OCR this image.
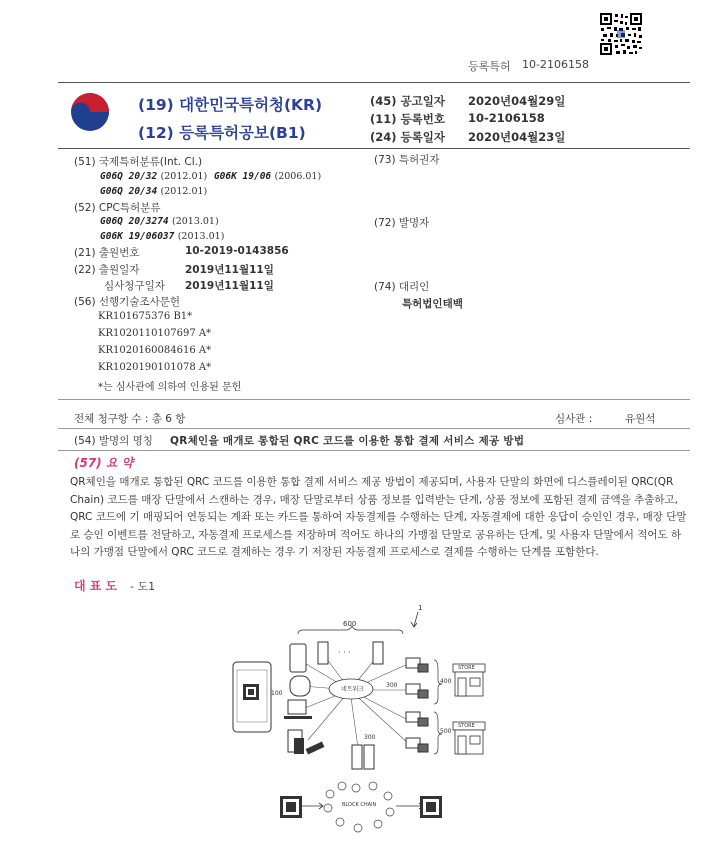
등록특허 10-2106158
(19) 대한민국특허청(KR)
(12) 등록특허공보(B1)
(45) 공고일자 2020년04월29일
(11) 등록번호 10-2106158
(24) 등록일자 2020년04월23일
(51) 국제특허분류(Int. Cl.)
G06Q 20/32 (2012.01) G06K 19/06 (2006.01)
G06Q 20/34 (2012.01)
(52) CPC특허분류
G06Q 20/3274 (2013.01)
G06K 19/06037 (2013.01)
(21) 출원번호	10-2019-0143856
(22) 출원일자	2019년11월11일
심사청구일자 2019년11월11일
(56) 선행기술조사문헌
KR101675376 B1*
KR1020110107697 A*
KR1020160084616 A*
KR1020190101078 A*
*는 심사관에 의하여 인용된 문헌
(73) 특허권자
(72) 발명자
(74) 대리인
특허법인태백
전체 청구항 수 : 총 6 항	심사관 :	유원석
(54) 발명의 명칭 QR체인을 매개로 통합된 QRC 코드를 이용한 통합 결제 서비스 제공 방법
(57) 요 약
QR체인을 매개로 통합된 QRC 코드를 이용한 통합 결제 서비스 제공 방법이 제공되며, 사용자 단말의 화면에 디스플레이된 QRC(QR Chain) 코드를 매장 단말에서 스캔하는 경우, 매장 단말로부터 상품 정보를 입력받는 단계, 상품 정보에 포함된 결제 금액을 추출하고, QRC 코드에 기 매핑되어 연동되는 계좌 또는 카드를 통하여 자동결제를 수행하는 단계, 자동결제에 대한 응답이 승인인 경우, 매장 단말로 승인 이벤트를 전달하고, 자동결제 프로세스를 저장하며 적어도 하나의 가맹점 단말로 공유하는 단계, 및 사용자 단말에서 적어도 하나의 가맹점 단말에서 QRC 코드로 결제하는 경우 기 저장된 자동결제 프로세스로 결제를 수행하는 단계를 포함한다.
대 표 도 - 도1
1
600
· · ·
100
네트워크
300
300
400
500
STORE
STORE
BLOCK CHAIN
